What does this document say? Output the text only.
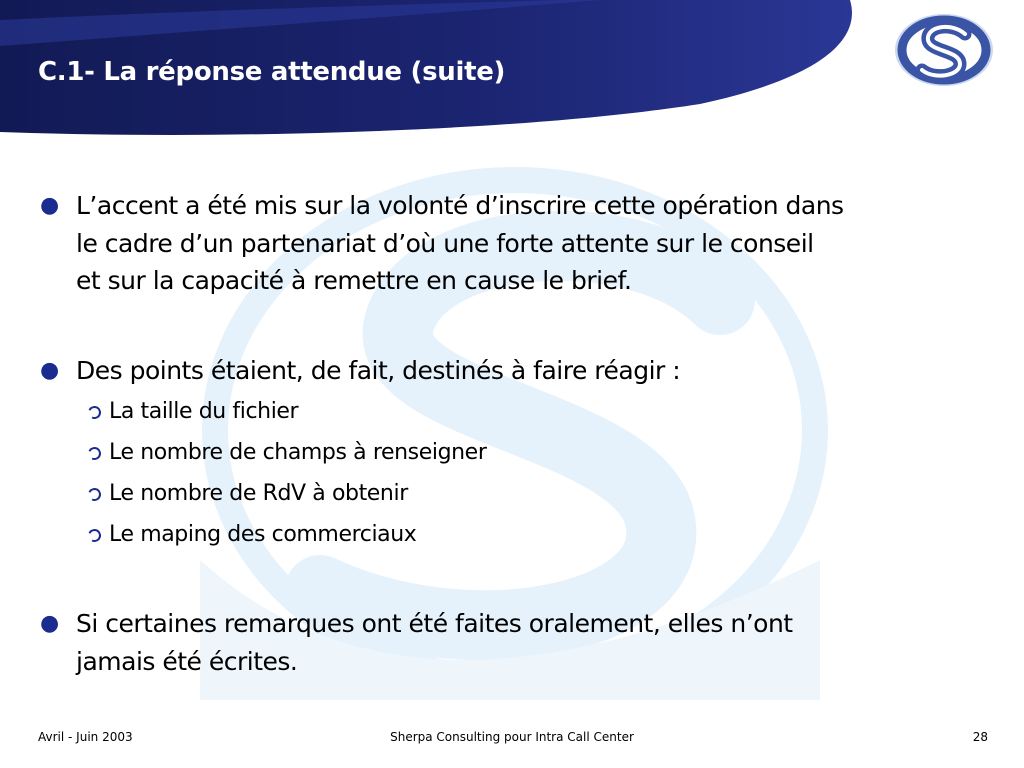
C.1- La réponse attendue (suite)
● L’accent a été mis sur la volonté d’inscrire cette opération dans
le cadre d’un partenariat d’où une forte attente sur le conseil
et sur la capacité à remettre en cause le brief.
● Des points étaient, de fait, destinés à faire réagir :
La taille du fichier
Le nombre de champs à renseigner
Le nombre de RdV à obtenir
Le maping des commerciaux
● Si certaines remarques ont été faites oralement, elles n’ont
jamais été écrites.
Avril - Juin 2003	Sherpa Consulting pour Intra Call Center	28
